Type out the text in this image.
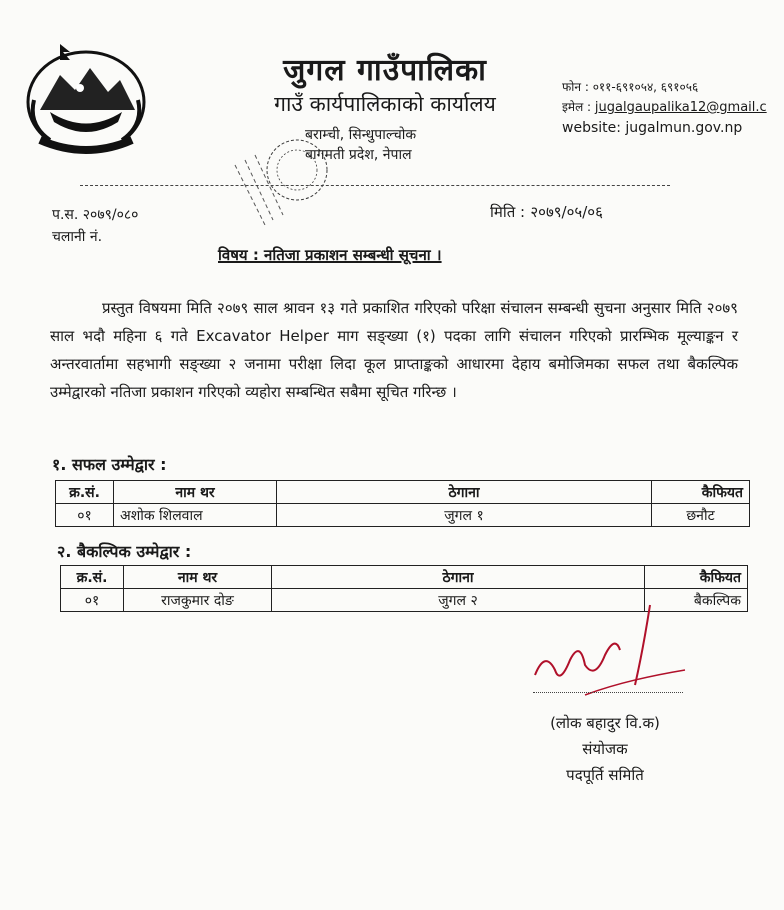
जुगल गाउँपालिका
गाउँ कार्यपालिकाको कार्यालय
बराम्ची, सिन्धुपाल्चोक
बागमती प्रदेश, नेपाल
फोन : ०११-६९१०५४, ६९१०५६
इमेल : jugalgaupalika12@gmail.c
website: jugalmun.gov.np
प.स. २०७९/०८०
चलानी नं.
मिति : २०७९/०५/०६
विषय : नतिजा प्रकाशन सम्बन्धी सूचना ।
प्रस्तुत विषयमा मिति २०७९ साल श्रावन १३ गते प्रकाशित गरिएको परिक्षा संचालन सम्बन्धी सुचना अनुसार मिति २०७९ साल भदौ महिना ६ गते Excavator Helper माग सङ्ख्या (१) पदका लागि संचालन गरिएको प्रारम्भिक मूल्याङ्कन र अन्तरवार्तामा सहभागी सङ्ख्या २ जनामा परीक्षा लिदा कूल प्राप्ताङ्कको आधारमा देहाय बमोजिमका सफल तथा बैकल्पिक उम्मेद्वारको नतिजा प्रकाशन गरिएको व्यहोरा सम्बन्धित सबैमा सूचित गरिन्छ ।
१. सफल उम्मेद्वार :
क्र.सं.	नाम थर	ठेगाना	कैफियत
०१	अशोक शिलवाल	जुगल १	छनौट
२. बैकल्पिक उम्मेद्वार :
क्र.सं.	नाम थर	ठेगाना	कैफियत
०१	राजकुमार दोङ	जुगल २	बैकल्पिक
(लोक बहादुर वि.क)
संयोजक
पदपूर्ति समिति
